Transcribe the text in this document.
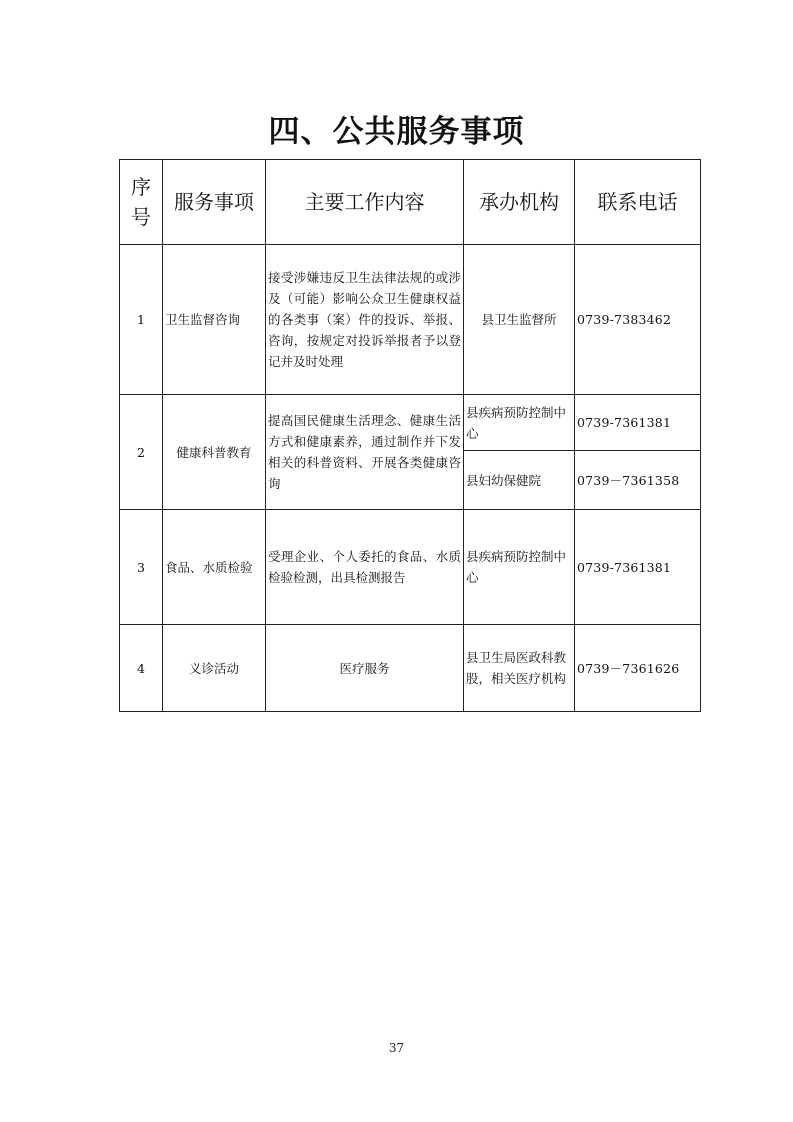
四、公共服务事项
序号	服务事项	主要工作内容	承办机构	联系电话
1	卫生监督咨询	接受涉嫌违反卫生法律法规的或涉及（可能）影响公众卫生健康权益的各类事（案）件的投诉、举报、咨询，按规定对投诉举报者予以登记并及时处理	县卫生监督所	0739-7383462
2	健康科普教育	提高国民健康生活理念、健康生活方式和健康素养，通过制作并下发相关的科普资料、开展各类健康咨询	县疾病预防控制中心	0739-7361381
			县妇幼保健院	0739－7361358
3	食品、水质检验	受理企业、个人委托的食品、水质检验检测，出具检测报告	县疾病预防控制中心	0739-7361381
4	义诊活动	医疗服务	县卫生局医政科教股，相关医疗机构	0739－7361626
37
